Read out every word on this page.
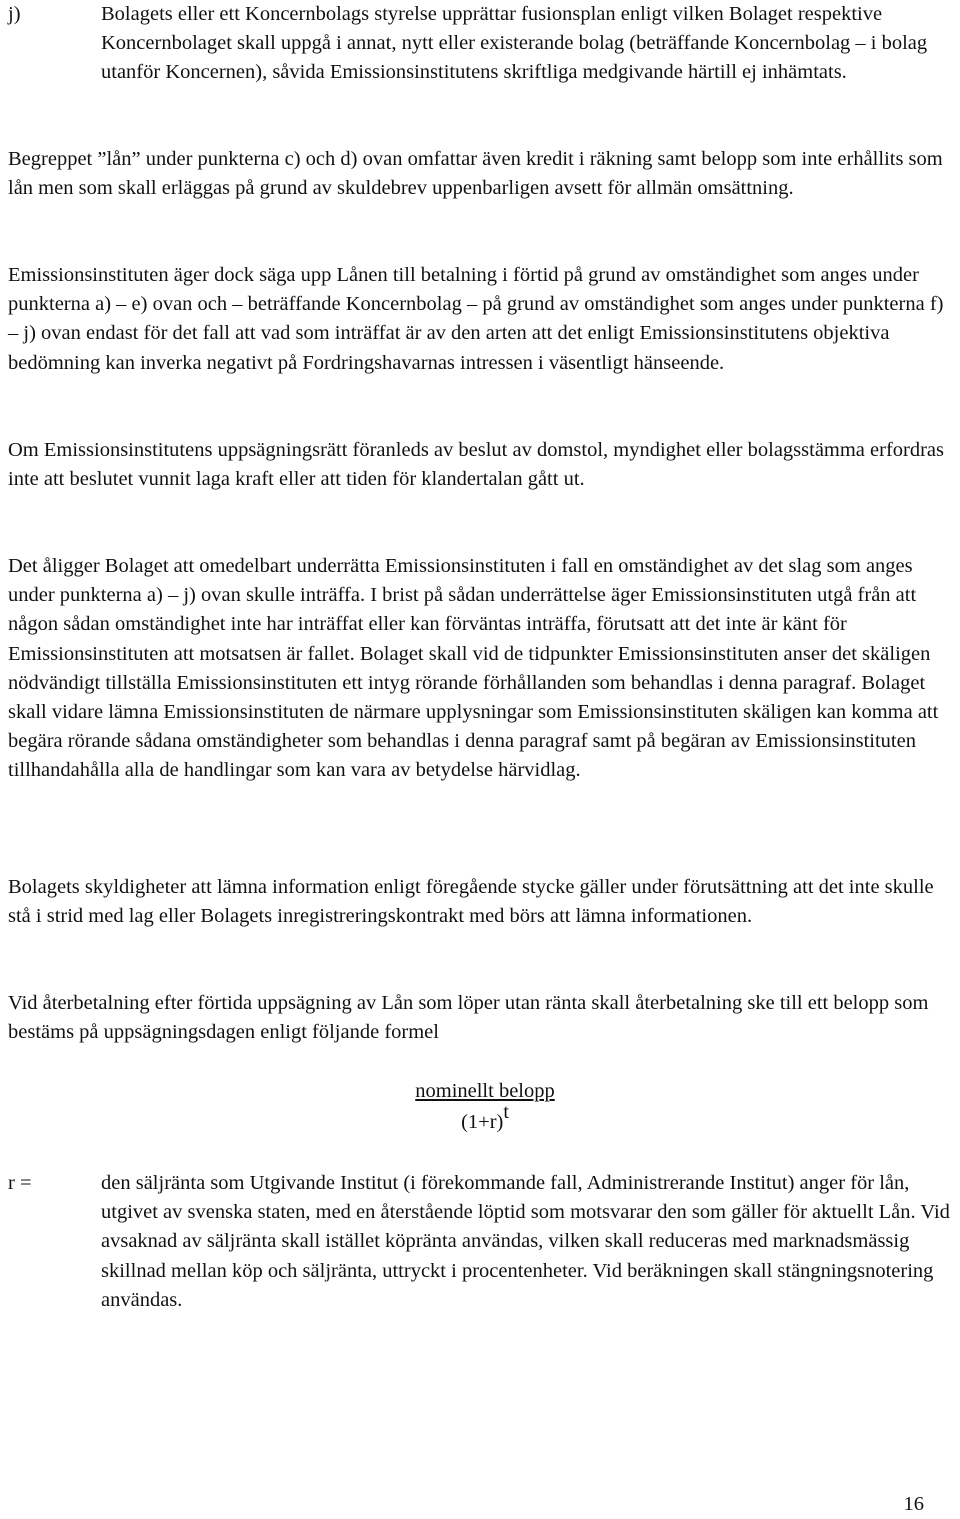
j)	Bolagets eller ett Koncernbolags styrelse upprättar fusionsplan enligt vilken Bolaget respektive Koncernbolaget skall uppgå i annat, nytt eller existerande bolag (beträffande Koncernbolag – i bolag utanför Koncernen), såvida Emissionsinstitutens skriftliga medgivande härtill ej inhämtats.

Begreppet ”lån” under punkterna c) och d) ovan omfattar även kredit i räkning samt belopp som inte erhållits som lån men som skall erläggas på grund av skuldebrev uppenbarligen avsett för allmän omsättning.

Emissionsinstituten äger dock säga upp Lånen till betalning i förtid på grund av omständighet som anges under punkterna a) – e) ovan och – beträffande Koncernbolag – på grund av omständighet som anges under punkterna f) – j) ovan endast för det fall att vad som inträffat är av den arten att det enligt Emissionsinstitutens objektiva bedömning kan inverka negativt på Fordringshavarnas intressen i väsentligt hänseende.

Om Emissionsinstitutens uppsägningsrätt föranleds av beslut av domstol, myndighet eller bolagsstämma erfordras inte att beslutet vunnit laga kraft eller att tiden för klandertalan gått ut.

Det åligger Bolaget att omedelbart underrätta Emissionsinstituten i fall en omständighet av det slag som anges under punkterna a) – j) ovan skulle inträffa. I brist på sådan underrättelse äger Emissionsinstituten utgå från att någon sådan omständighet inte har inträffat eller kan förväntas inträffa, förutsatt att det inte är känt för Emissionsinstituten att motsatsen är fallet. Bolaget skall vid de tidpunkter Emissionsinstituten anser det skäligen nödvändigt tillställa Emissionsinstituten ett intyg rörande förhållanden som behandlas i denna paragraf. Bolaget skall vidare lämna Emissionsinstituten de närmare upplysningar som Emissionsinstituten skäligen kan komma att begära rörande sådana omständigheter som behandlas i denna paragraf samt på begäran av Emissionsinstituten tillhandahålla alla de handlingar som kan vara av betydelse härvidlag.

Bolagets skyldigheter att lämna information enligt föregående stycke gäller under förutsättning att det inte skulle stå i strid med lag eller Bolagets inregistreringskontrakt med börs att lämna informationen.

Vid återbetalning efter förtida uppsägning av Lån som löper utan ränta skall återbetalning ske till ett belopp som bestäms på uppsägningsdagen enligt följande formel

nominellt belopp
$(1+r)^t$
r =	den säljränta som Utgivande Institut (i förekommande fall, Administrerande Institut) anger för lån, utgivet av svenska staten, med en återstående löptid som motsvarar den som gäller för aktuellt Lån. Vid avsaknad av säljränta skall istället köpränta användas, vilken skall reduceras med marknadsmässig skillnad mellan köp och säljränta, uttryckt i procentenheter. Vid beräkningen skall stängningsnotering användas.
16
